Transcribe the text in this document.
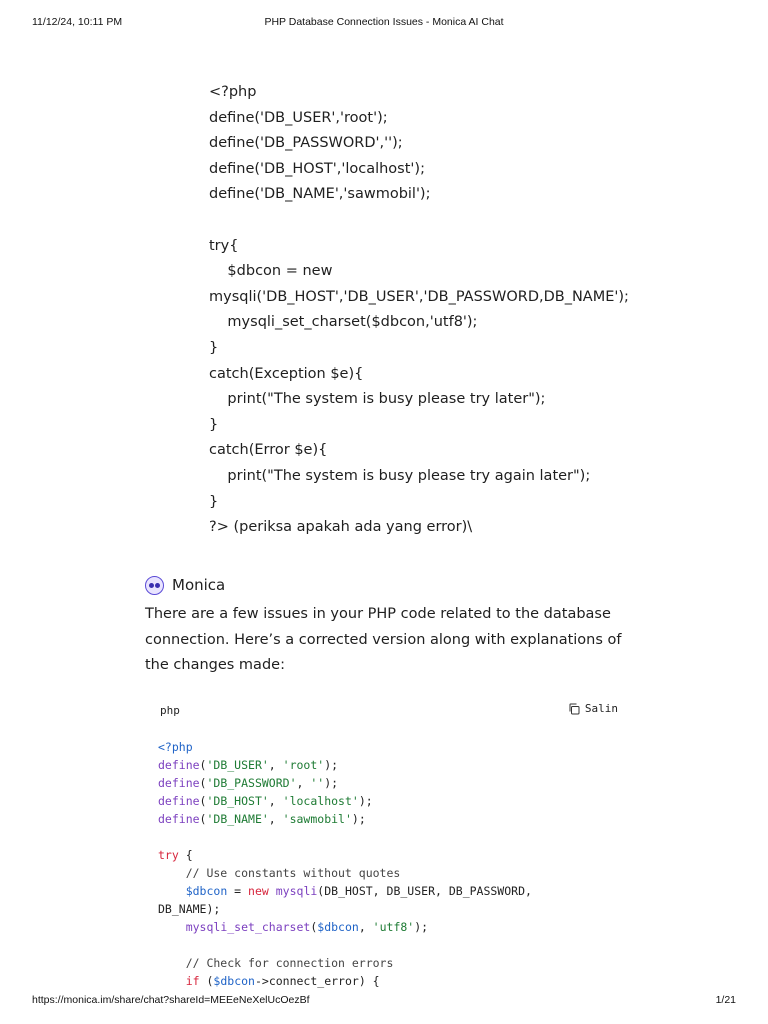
11/12/24, 10:11 PM	PHP Database Connection Issues - Monica AI Chat
<?php
define('DB_USER','root');
define('DB_PASSWORD','');
define('DB_HOST','localhost');
define('DB_NAME','sawmobil');
try{
$dbcon = new
mysqli('DB_HOST','DB_USER','DB_PASSWORD,DB_NAME');
mysqli_set_charset($dbcon,'utf8');
}
catch(Exception $e){
print("The system is busy please try later");
}
catch(Error $e){
print("The system is busy please try again later");
}
?> (periksa apakah ada yang error)\
Monica
There are a few issues in your PHP code related to the database connection. Here’s a corrected version along with explanations of the changes made:
php	Salin
<?php
define('DB_USER', 'root');
define('DB_PASSWORD', '');
define('DB_HOST', 'localhost');
define('DB_NAME', 'sawmobil');
try {
// Use constants without quotes
$dbcon = new mysqli(DB_HOST, DB_USER, DB_PASSWORD,
DB_NAME);
mysqli_set_charset($dbcon, 'utf8');
// Check for connection errors
if ($dbcon->connect_error) {
https://monica.im/share/chat?shareId=MEEeNeXelUcOezBf	1/21
